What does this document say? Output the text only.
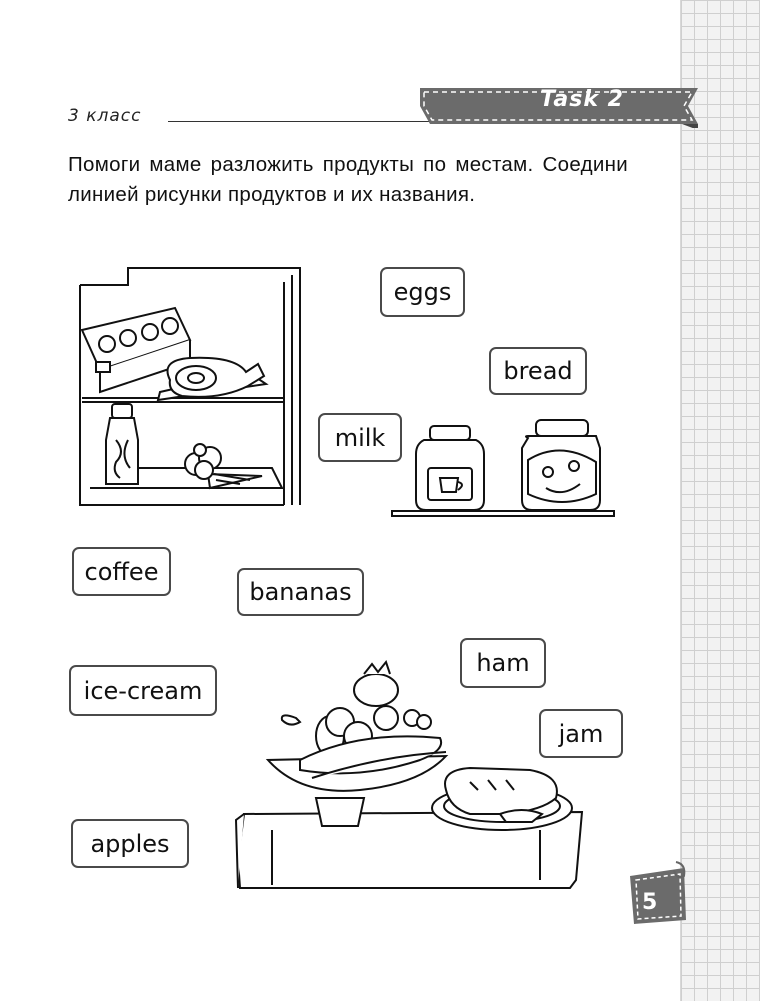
3 класс
Task 2
Помоги маме разложить продукты по местам. Соедини линией рисунки продуктов и их названия.
eggs
bread
milk
coffee
bananas
ham
ice-cream
jam
apples
5
